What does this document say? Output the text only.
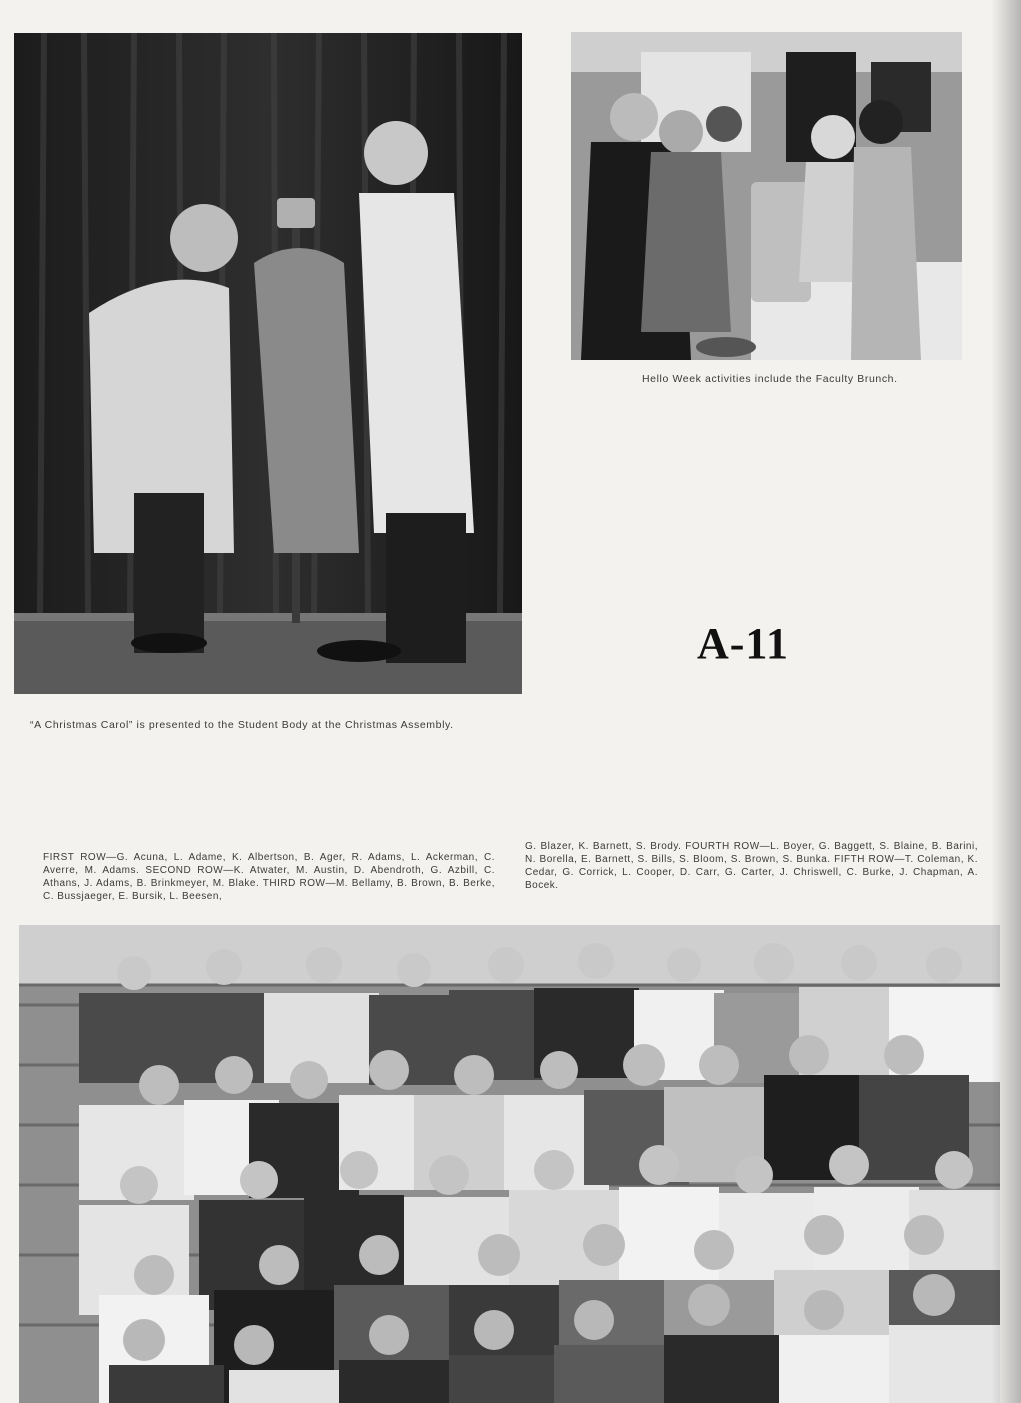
Hello Week activities include the Faculty Brunch.
“A Christmas Carol” is presented to the Student Body at the Christmas Assembly.
A-11
FIRST ROW—G. Acuna, L. Adame, K. Albertson, B. Ager, R. Adams, L. Ackerman, C. Averre, M. Adams. SECOND ROW—K. Atwater, M. Austin, D. Abendroth, G. Azbill, C. Athans, J. Adams, B. Brinkmeyer, M. Blake. THIRD ROW—M. Bellamy, B. Brown, B. Berke, C. Bussjaeger, E. Bursik, L. Beesen,
G. Blazer, K. Barnett, S. Brody. FOURTH ROW—L. Boyer, G. Baggett, S. Blaine, B. Barini, N. Borella, E. Barnett, S. Bills, S. Bloom, S. Brown, S. Bunka. FIFTH ROW—T. Coleman, K. Cedar, G. Corrick, L. Cooper, D. Carr, G. Carter, J. Chriswell, C. Burke, J. Chapman, A. Bocek.
